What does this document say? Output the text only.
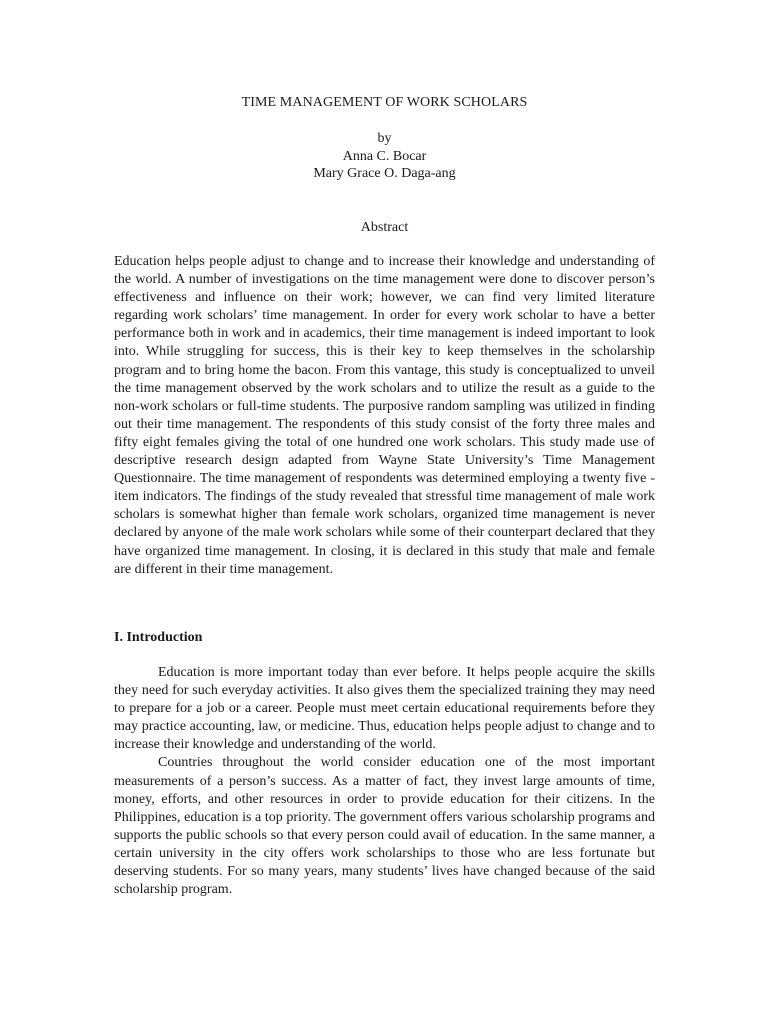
TIME MANAGEMENT OF WORK SCHOLARS
by
Anna C. Bocar
Mary Grace O. Daga-ang
Abstract
Education helps people adjust to change and to increase their knowledge and understanding of the world. A number of investigations on the time management were done to discover person’s effectiveness and influence on their work; however, we can find very limited literature regarding work scholars’ time management. In order for every work scholar to have a better performance both in work and in academics, their time management is indeed important to look into. While struggling for success, this is their key to keep themselves in the scholarship program and to bring home the bacon. From this vantage, this study is conceptualized to unveil the time management observed by the work scholars and to utilize the result as a guide to the non-work scholars or full-time students. The purposive random sampling was utilized in finding out their time management. The respondents of this study consist of the forty three males and fifty eight females giving the total of one hundred one work scholars. This study made use of descriptive research design adapted from Wayne State University’s Time Management Questionnaire. The time management of respondents was determined employing a twenty five - item indicators. The findings of the study revealed that stressful time management of male work scholars is somewhat higher than female work scholars, organized time management is never declared by anyone of the male work scholars while some of their counterpart declared that they have organized time management. In closing, it is declared in this study that male and female are different in their time management.
I. Introduction

Education is more important today than ever before. It helps people acquire the skills they need for such everyday activities. It also gives them the specialized training they may need to prepare for a job or a career. People must meet certain educational requirements before they may practice accounting, law, or medicine. Thus, education helps people adjust to change and to increase their knowledge and understanding of the world.

Countries throughout the world consider education one of the most important measurements of a person’s success. As a matter of fact, they invest large amounts of time, money, efforts, and other resources in order to provide education for their citizens. In the Philippines, education is a top priority. The government offers various scholarship programs and supports the public schools so that every person could avail of education. In the same manner, a certain university in the city offers work scholarships to those who are less fortunate but deserving students. For so many years, many students’ lives have changed because of the said scholarship program.
